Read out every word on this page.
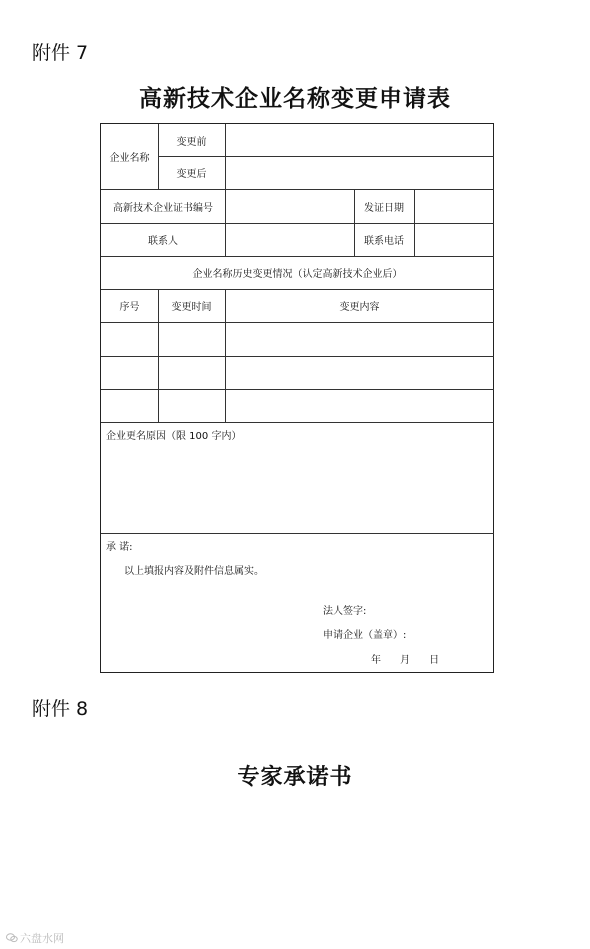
附件 7
高新技术企业名称变更申请表
企业名称
变更前
变更后
高新技术企业证书编号	发证日期
联系人	联系电话
企业名称历史变更情况（认定高新技术企业后）
序号	变更时间	变更内容
企业更名原因（限 100 字内）
承 诺:
以上填报内容及附件信息属实。
法人签字:
申请企业（盖章）:
年      月      日
附件 8
专家承诺书
六盘水网
